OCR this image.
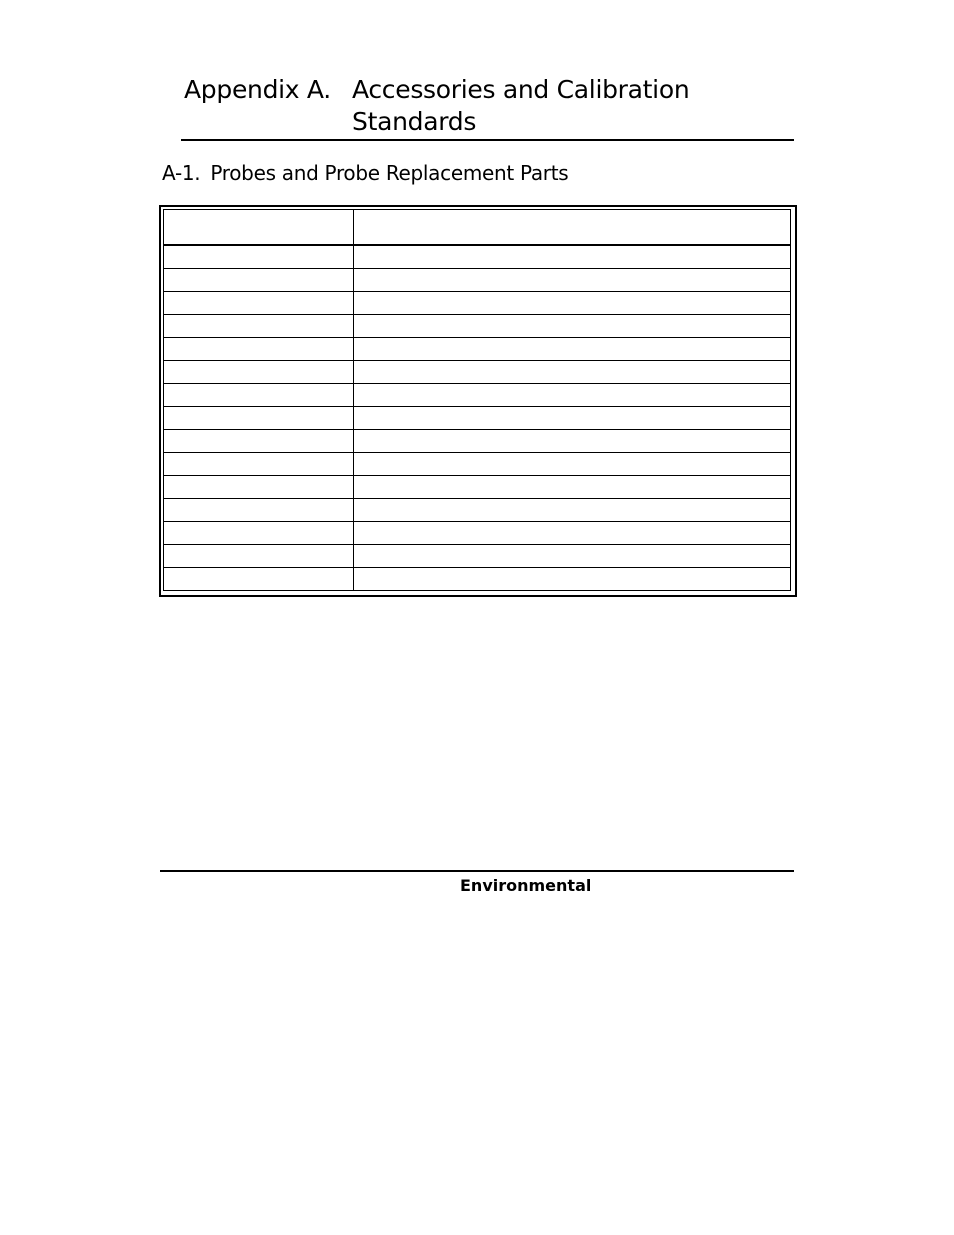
Appendix A. Accessories and Calibration Standards
A-1. Probes and Probe Replacement Parts

Environmental
